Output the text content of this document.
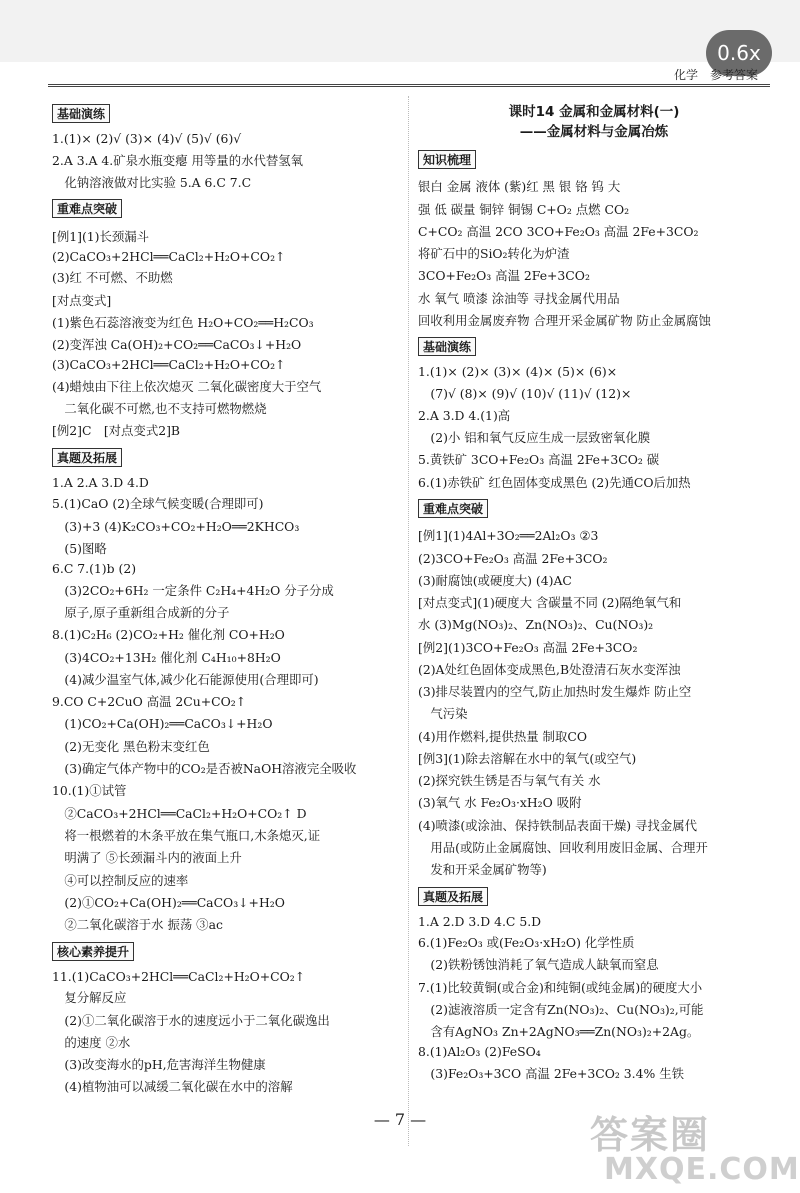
0.6x
化学　参考答案
基础演练
1.(1)× (2)√ (3)× (4)√ (5)√ (6)√
2.A 3.A 4.矿泉水瓶变瘪 用等量的水代替氢氧
　化钠溶液做对比实验 5.A 6.C 7.C
重难点突破
[例1](1)长颈漏斗
(2)CaCO₃+2HCl══CaCl₂+H₂O+CO₂↑
(3)红 不可燃、不助燃
[对点变式]
(1)紫色石蕊溶液变为红色 H₂O+CO₂══H₂CO₃
(2)变浑浊 Ca(OH)₂+CO₂══CaCO₃↓+H₂O
(3)CaCO₃+2HCl══CaCl₂+H₂O+CO₂↑
(4)蜡烛由下往上依次熄灭 二氧化碳密度大于空气
　二氧化碳不可燃,也不支持可燃物燃烧
[例2]C　[对点变式2]B
真题及拓展
1.A 2.A 3.D 4.D
5.(1)CaO (2)全球气候变暖(合理即可)
　(3)+3 (4)K₂CO₃+CO₂+H₂O══2KHCO₃
　(5)图略
6.C 7.(1)b (2)
　(3)2CO₂+6H₂ 一定条件 C₂H₄+4H₂O 分子分成
　原子,原子重新组合成新的分子
8.(1)C₂H₆ (2)CO₂+H₂ 催化剂 CO+H₂O
　(3)4CO₂+13H₂ 催化剂 C₄H₁₀+8H₂O
　(4)减少温室气体,减少化石能源使用(合理即可)
9.CO C+2CuO 高温 2Cu+CO₂↑
　(1)CO₂+Ca(OH)₂══CaCO₃↓+H₂O
　(2)无变化 黑色粉末变红色
　(3)确定气体产物中的CO₂是否被NaOH溶液完全吸收
10.(1)①试管
　②CaCO₃+2HCl══CaCl₂+H₂O+CO₂↑ D
　将一根燃着的木条平放在集气瓶口,木条熄灭,证
　明满了 ⑤长颈漏斗内的液面上升
　④可以控制反应的速率
　(2)①CO₂+Ca(OH)₂══CaCO₃↓+H₂O
　②二氧化碳溶于水 振荡 ③ac
核心素养提升
11.(1)CaCO₃+2HCl══CaCl₂+H₂O+CO₂↑
　复分解反应
　(2)①二氧化碳溶于水的速度远小于二氧化碳逸出
　的速度 ②水
　(3)改变海水的pH,危害海洋生物健康
　(4)植物油可以减缓二氧化碳在水中的溶解
课时14 金属和金属材料(一)
——金属材料与金属冶炼
知识梳理
银白 金属 液体 (紫)红 黑 银 铬 钨 大
强 低 碳量 铜锌 铜锡 C+O₂ 点燃 CO₂
C+CO₂ 高温 2CO 3CO+Fe₂O₃ 高温 2Fe+3CO₂
将矿石中的SiO₂转化为炉渣
3CO+Fe₂O₃ 高温 2Fe+3CO₂
水 氧气 喷漆 涂油等 寻找金属代用品
回收利用金属废弃物 合理开采金属矿物 防止金属腐蚀
基础演练
1.(1)× (2)× (3)× (4)× (5)× (6)×
　(7)√ (8)× (9)√ (10)√ (11)√ (12)×
2.A 3.D 4.(1)高
　(2)小 铝和氧气反应生成一层致密氧化膜
5.黄铁矿 3CO+Fe₂O₃ 高温 2Fe+3CO₂ 碳
6.(1)赤铁矿 红色固体变成黑色 (2)先通CO后加热
重难点突破
[例1](1)4Al+3O₂══2Al₂O₃ ②3
(2)3CO+Fe₂O₃ 高温 2Fe+3CO₂
(3)耐腐蚀(或硬度大) (4)AC
[对点变式](1)硬度大 含碳量不同 (2)隔绝氧气和
水 (3)Mg(NO₃)₂、Zn(NO₃)₂、Cu(NO₃)₂
[例2](1)3CO+Fe₂O₃ 高温 2Fe+3CO₂
(2)A处红色固体变成黑色,B处澄清石灰水变浑浊
(3)排尽装置内的空气,防止加热时发生爆炸 防止空
　气污染
(4)用作燃料,提供热量 制取CO
[例3](1)除去溶解在水中的氧气(或空气)
(2)探究铁生锈是否与氧气有关 水
(3)氧气 水 Fe₂O₃·xH₂O 吸附
(4)喷漆(或涂油、保持铁制品表面干燥) 寻找金属代
　用品(或防止金属腐蚀、回收利用废旧金属、合理开
　发和开采金属矿物等)
真题及拓展
1.A 2.D 3.D 4.C 5.D
6.(1)Fe₂O₃ 或(Fe₂O₃·xH₂O) 化学性质
　(2)铁粉锈蚀消耗了氧气造成人缺氧而窒息
7.(1)比较黄铜(或合金)和纯铜(或纯金属)的硬度大小
　(2)滤液溶质一定含有Zn(NO₃)₂、Cu(NO₃)₂,可能
　含有AgNO₃ Zn+2AgNO₃══Zn(NO₃)₂+2Ag。
8.(1)Al₂O₃ (2)FeSO₄
　(3)Fe₂O₃+3CO 高温 2Fe+3CO₂ 3.4% 生铁
— 7 —	答案圈
MXQE.COM
